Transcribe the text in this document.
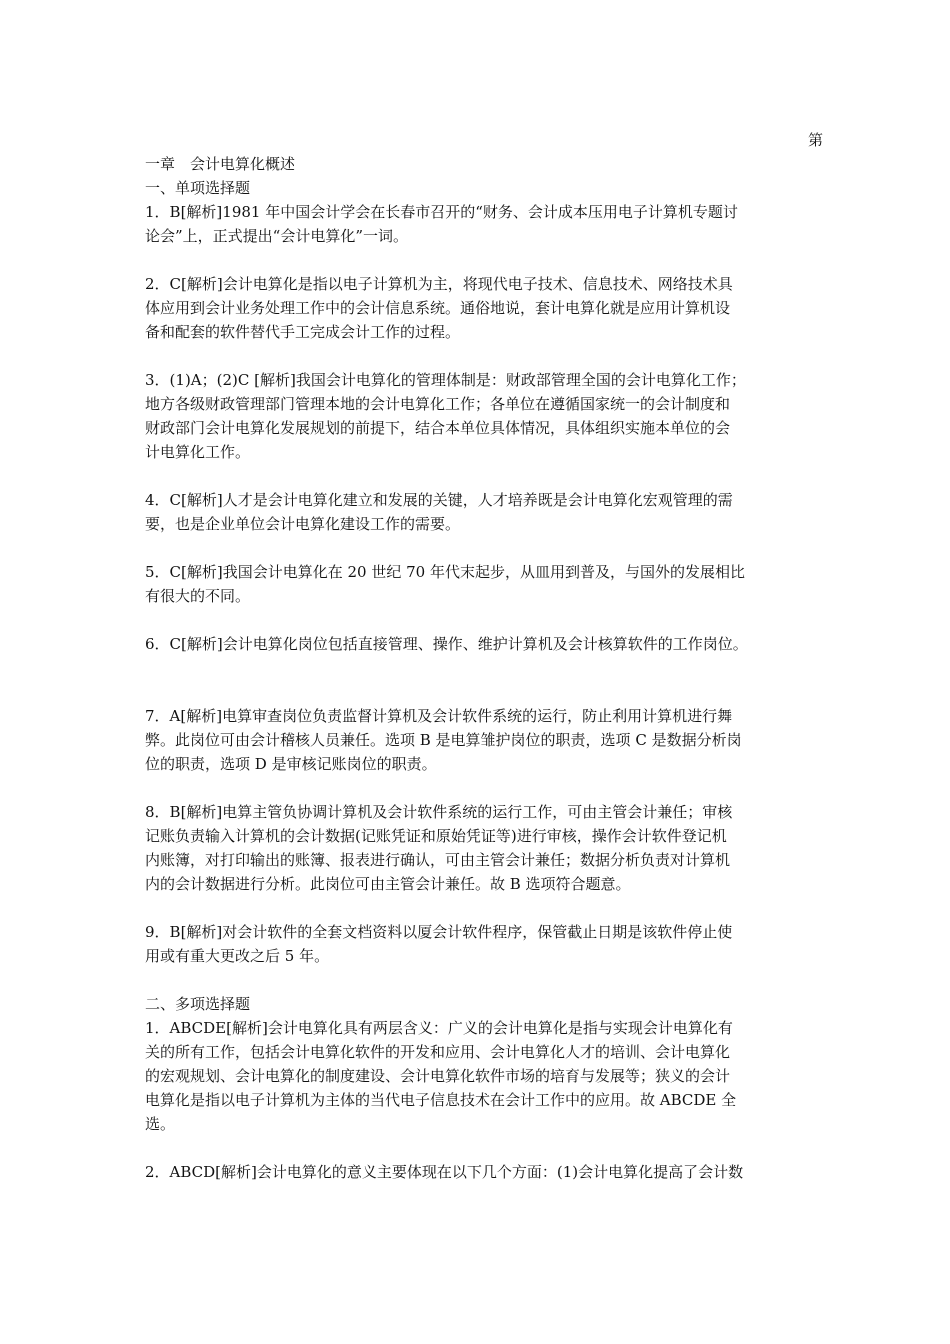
第
一章　会计电算化概述
一、单项选择题
1．B[解析]1981 年中国会计学会在长春市召开的“财务、会计成本压用电子计算机专题讨
论会”上，正式提出“会计电算化”一词。
2．C[解析]会计电算化是指以电子计算机为主，将现代电子技术、信息技术、网络技术具
体应用到会计业务处理工作中的会计信息系统。通俗地说，套计电算化就是应用计算机设
备和配套的软件替代手工完成会计工作的过程。
3．(1)A；(2)C [解析]我国会计电算化的管理体制是：财政部管理全国的会计电算化工作；
地方各级财政管理部门管理本地的会计电算化工作；各单位在遵循国家统一的会计制度和
财政部门会计电算化发展规划的前提下，结合本单位具体情况，具体组织实施本单位的会
计电算化工作。
4．C[解析]人才是会计电算化建立和发展的关键，人才培养既是会计电算化宏观管理的需
要，也是企业单位会计电算化建设工作的需要。
5．C[解析]我国会计电算化在 20 世纪 70 年代末起步，从皿用到普及，与国外的发展相比
有很大的不同。
6．C[解析]会计电算化岗位包括直接管理、操作、维护计算机及会计核算软件的工作岗位。
7．A[解析]电算审查岗位负责监督计算机及会计软件系统的运行，防止利用计算机进行舞
弊。此岗位可由会计稽核人员兼任。选项 B 是电算雏护岗位的职责，选项 C 是数据分析岗
位的职责，选项 D 是审核记账岗位的职责。
8．B[解析]电算主管负协调计算机及会计软件系统的运行工作，可由主管会计兼任；审核
记账负责输入计算机的会计数据(记账凭证和原始凭证等)进行审核，操作会计软件登记机
内账簿，对打印输出的账簿、报表进行确认，可由主管会计兼任；数据分析负责对计算机
内的会计数据进行分析。此岗位可由主管会计兼任。故 B 选项符合题意。
9．B[解析]对会计软件的全套文档资料以厦会计软件程序，保管截止日期是该软件停止使
用或有重大更改之后 5 年。
二、多项选择题
1．ABCDE[解析]会计电算化具有两层含义：广义的会计电算化是指与实现会计电算化有
关的所有工作，包括会计电算化软件的开发和应用、会计电算化人才的培训、会计电算化
的宏观规划、会计电算化的制度建设、会计电算化软件市场的培育与发展等；狭义的会计
电算化是指以电子计算机为主体的当代电子信息技术在会计工作中的应用。故 ABCDE 全
选。
2．ABCD[解析]会计电算化的意义主要体现在以下几个方面：(1)会计电算化提高了会计数
